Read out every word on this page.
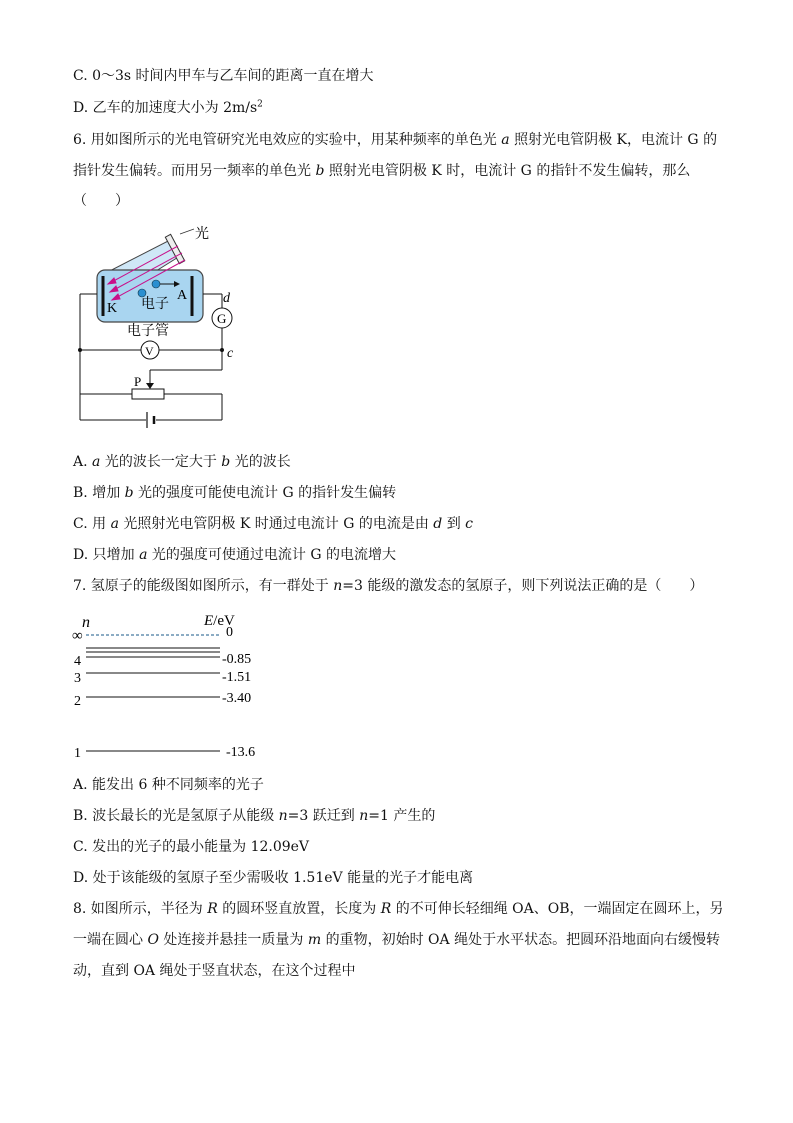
C. 0～3s 时间内甲车与乙车间的距离一直在增大
D. 乙车的加速度大小为 $2m/s^2$
6. 用如图所示的光电管研究光电效应的实验中，用某种频率的单色光 a 照射光电管阴极 K，电流计 G 的
指针发生偏转。而用另一频率的单色光 b 照射光电管阴极 K 时，电流计 G 的指针不发生偏转，那么
（　　）
光
K
A
电子
电子管
G
d
V	c
P
A. a 光的波长一定大于 b 光的波长
B. 增加 b 光的强度可能使电流计 G 的指针发生偏转
C. 用 a 光照射光电管阴极 K 时通过电流计 G 的电流是由 d 到 c
D. 只增加 a 光的强度可使通过电流计 G 的电流增大
7. 氢原子的能级图如图所示，有一群处于 n=3 能级的激发态的氢原子，则下列说法正确的是（　　）
n	E/eV
∞	0
4	-0.85
3	-1.51
2	-3.40
1	-13.6
A. 能发出 6 种不同频率的光子
B. 波长最长的光是氢原子从能级 n=3 跃迁到 n=1 产生的
C. 发出的光子的最小能量为 12.09eV
D. 处于该能级的氢原子至少需吸收 1.51eV 能量的光子才能电离
8. 如图所示，半径为 R 的圆环竖直放置，长度为 R 的不可伸长轻细绳 OA、OB，一端固定在圆环上，另
一端在圆心 O 处连接并悬挂一质量为 m 的重物，初始时 OA 绳处于水平状态。把圆环沿地面向右缓慢转
动，直到 OA 绳处于竖直状态，在这个过程中
